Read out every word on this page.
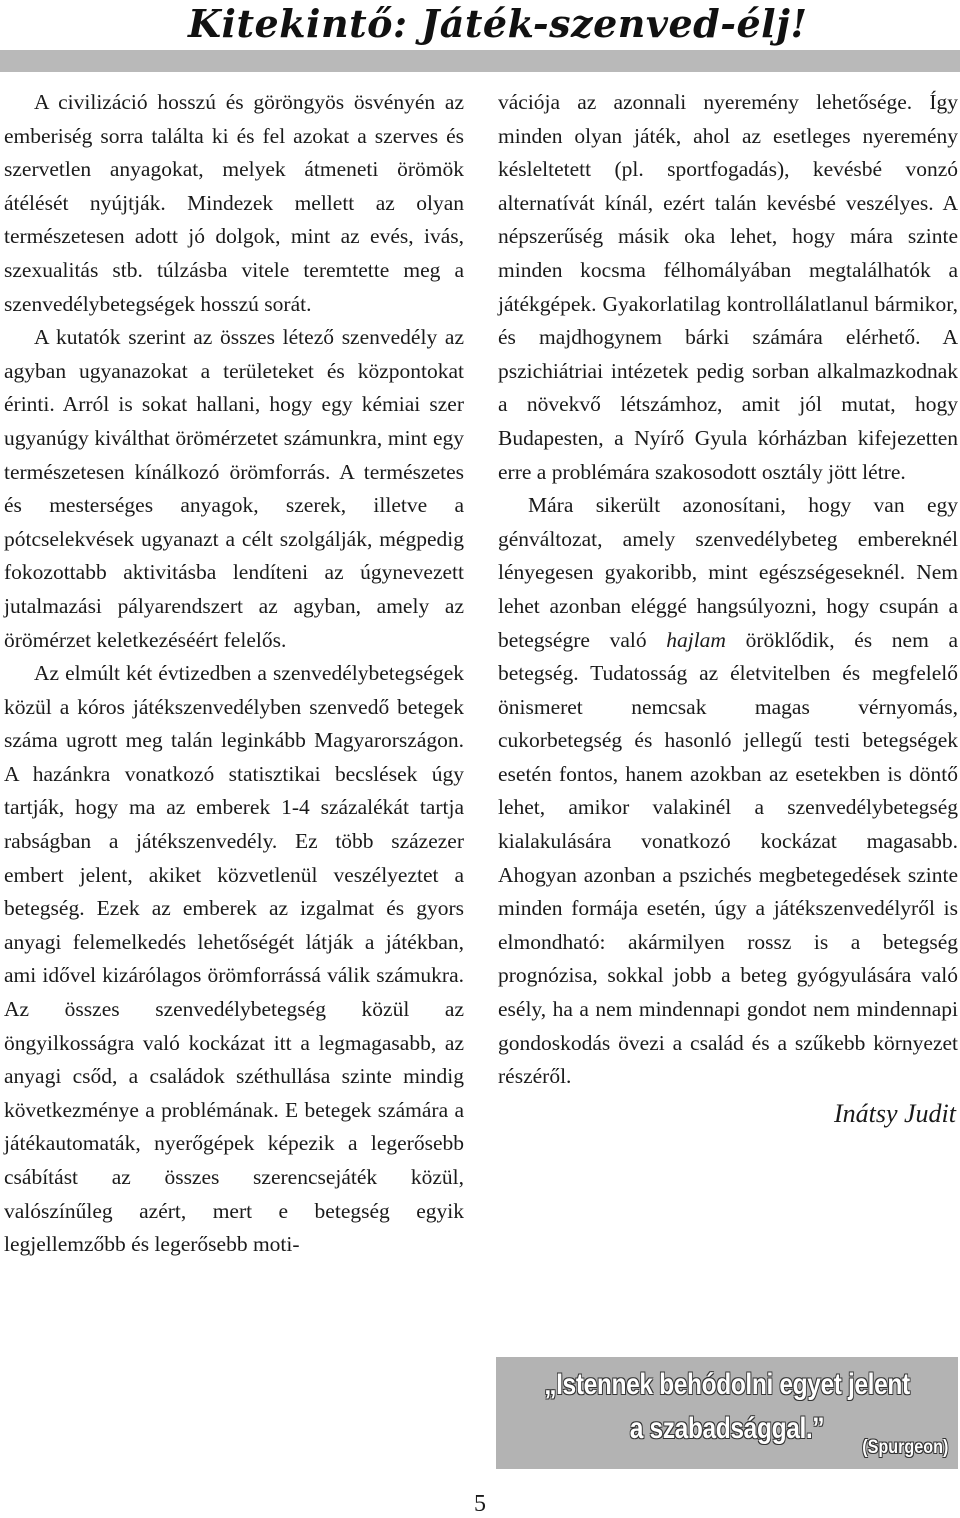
Kitekintő: Játék-szenved-élj!

A civilizáció hosszú és göröngyös ösvényén az emberiség sorra találta ki és fel azokat a szerves és szervetlen anyagokat, melyek átmeneti örömök átélését nyújtják. Mindezek mellett az olyan természetesen adott jó dolgok, mint az evés, ivás, szexualitás stb. túlzásba vitele teremtette meg a szenvedélybetegségek hosszú sorát.

A kutatók szerint az összes létező szenvedély az agyban ugyanazokat a területeket és központokat érinti. Arról is sokat hallani, hogy egy kémiai szer ugyanúgy kiválthat örömérzetet számunkra, mint egy természetesen kínálkozó örömforrás. A természetes és mesterséges anyagok, szerek, illetve a pótcselekvések ugyanazt a célt szolgálják, mégpedig fokozottabb aktivitásba lendíteni az úgynevezett jutalmazási pályarendszert az agyban, amely az örömérzet keletkezéséért felelős.

Az elmúlt két évtizedben a szenvedélybetegségek közül a kóros játékszenvedélyben szenvedő betegek száma ugrott meg talán leginkább Magyarországon. A hazánkra vonatkozó statisztikai becslések úgy tartják, hogy ma az emberek 1-4 százalékát tartja rabságban a játékszenvedély. Ez több százezer embert jelent, akiket közvetlenül veszélyeztet a betegség. Ezek az emberek az izgalmat és gyors anyagi felemelkedés lehetőségét látják a játékban, ami idővel kizárólagos örömforrássá válik számukra. Az összes szenvedélybetegség közül az öngyilkosságra való kockázat itt a legmagasabb, az anyagi csőd, a családok széthullása szinte mindig következménye a problémának. E betegek számára a játékautomaták, nyerőgépek képezik a legerősebb csábítást az összes szerencsejáték közül, valószínűleg azért, mert e betegség egyik legjellemzőbb és legerősebb moti-

vációja az azonnali nyeremény lehetősége. Így minden olyan játék, ahol az esetleges nyeremény késleltetett (pl. sportfogadás), kevésbé vonzó alternatívát kínál, ezért talán kevésbé veszélyes. A népszerűség másik oka lehet, hogy mára szinte minden kocsma félhomályában megtalálhatók a játékgépek. Gyakorlatilag kontrollálatlanul bármikor, és majdhogynem bárki számára elérhető. A pszichiátriai intézetek pedig sorban alkalmazkodnak a növekvő létszámhoz, amit jól mutat, hogy Budapesten, a Nyírő Gyula kórházban kifejezetten erre a problémára szakosodott osztály jött létre.

Mára sikerült azonosítani, hogy van egy génváltozat, amely szenvedélybeteg embereknél lényegesen gyakoribb, mint egészségeseknél. Nem lehet azonban eléggé hangsúlyozni, hogy csupán a betegségre való hajlam öröklődik, és nem a betegség. Tudatosság az életvitelben és megfelelő önismeret nemcsak magas vérnyomás, cukorbetegség és hasonló jellegű testi betegségek esetén fontos, hanem azokban az esetekben is döntő lehet, amikor valakinél a szenvedélybetegség kialakulására vonatkozó kockázat magasabb. Ahogyan azonban a pszichés megbetegedések szinte minden formája esetén, úgy a játékszenvedélyről is elmondható: akármilyen rossz is a betegség prognózisa, sokkal jobb a beteg gyógyulására való esély, ha a nem mindennapi gondot nem mindennapi gondoskodás övezi a család és a szűkebb környezet részéről.

Inátsy Judit
„Istennek behódolni egyet jelent a szabadsággal.”
(Spurgeon)
5
